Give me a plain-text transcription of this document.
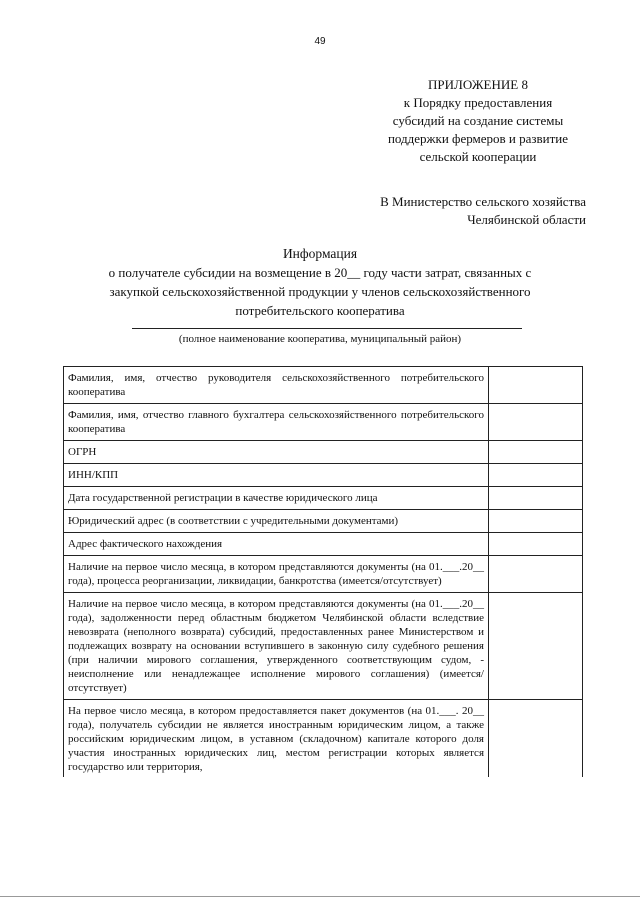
49
ПРИЛОЖЕНИЕ 8
к Порядку предоставления
субсидий на создание системы
поддержки фермеров и развитие
сельской кооперации
В Министерство сельского хозяйства
Челябинской области
Информация
о получателе субсидии на возмещение в 20__ году части затрат, связанных с
закупкой сельскохозяйственной продукции у членов сельскохозяйственного
потребительского кооператива
(полное наименование кооператива, муниципальный район)
Фамилия, имя, отчество руководителя сельскохозяйственного потребительского кооператива	
Фамилия, имя, отчество главного бухгалтера сельскохозяйственного потребительского кооператива	
ОГРН	
ИНН/КПП	
Дата государственной регистрации в качестве юридического лица	
Юридический адрес (в соответствии с учредительными документами)	
Адрес фактического нахождения	
Наличие на первое число месяца, в котором представляются документы (на 01.___.20__ года), процесса реорганизации, ликвидации, банкротства (имеется/отсутствует)	
Наличие на первое число месяца, в котором представляются документы (на 01.___.20__ года), задолженности перед областным бюджетом Челябинской области вследствие невозврата (неполного возврата) субсидий, предоставленных ранее Министерством и подлежащих возврату на основании вступившего в законную силу судебного решения (при наличии мирового соглашения, утвержденного соответствующим судом, - неисполнение или ненадлежащее исполнение мирового соглашения) (имеется/отсутствует)	
На первое число месяца, в котором предоставляется пакет документов (на 01.___. 20__ года), получатель субсидии не является иностранным юридическим лицом, а также российским юридическим лицом, в уставном (складочном) капитале которого доля участия иностранных юридических лиц, местом регистрации которых является государство или территория,	
